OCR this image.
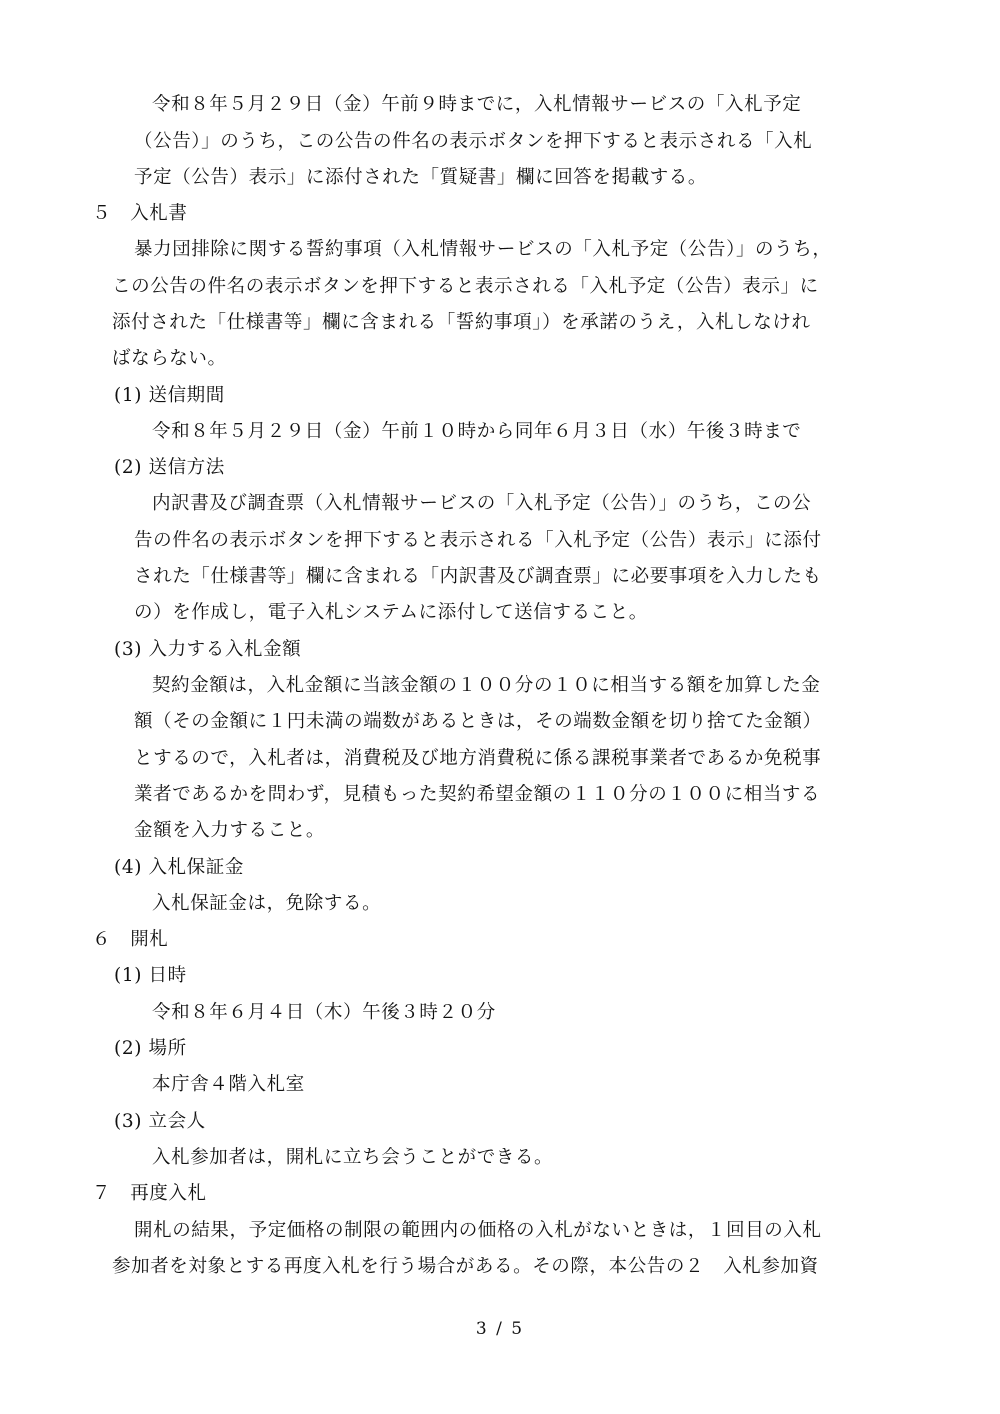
令和８年５月２９日（金）午前９時までに，入札情報サービスの「入札予定
（公告）」のうち，この公告の件名の表示ボタンを押下すると表示される「入札
予定（公告）表示」に添付された「質疑書」欄に回答を掲載する。
５　入札書
暴力団排除に関する誓約事項（入札情報サービスの「入札予定（公告）」のうち，
この公告の件名の表示ボタンを押下すると表示される「入札予定（公告）表示」に
添付された「仕様書等」欄に含まれる「誓約事項」）を承諾のうえ，入札しなけれ
ばならない。
(1) 送信期間
令和８年５月２９日（金）午前１０時から同年６月３日（水）午後３時まで
(2) 送信方法
内訳書及び調査票（入札情報サービスの「入札予定（公告）」のうち，この公
告の件名の表示ボタンを押下すると表示される「入札予定（公告）表示」に添付
された「仕様書等」欄に含まれる「内訳書及び調査票」に必要事項を入力したも
の）を作成し，電子入札システムに添付して送信すること。
(3) 入力する入札金額
契約金額は，入札金額に当該金額の１００分の１０に相当する額を加算した金
額（その金額に１円未満の端数があるときは，その端数金額を切り捨てた金額）
とするので，入札者は，消費税及び地方消費税に係る課税事業者であるか免税事
業者であるかを問わず，見積もった契約希望金額の１１０分の１００に相当する
金額を入力すること。
(4) 入札保証金
入札保証金は，免除する。
６　開札
(1) 日時
令和８年６月４日（木）午後３時２０分
(2) 場所
本庁舎４階入札室
(3) 立会人
入札参加者は，開札に立ち会うことができる。
７　再度入札
開札の結果，予定価格の制限の範囲内の価格の入札がないときは，１回目の入札
参加者を対象とする再度入札を行う場合がある。その際，本公告の２　入札参加資
3 / 5
